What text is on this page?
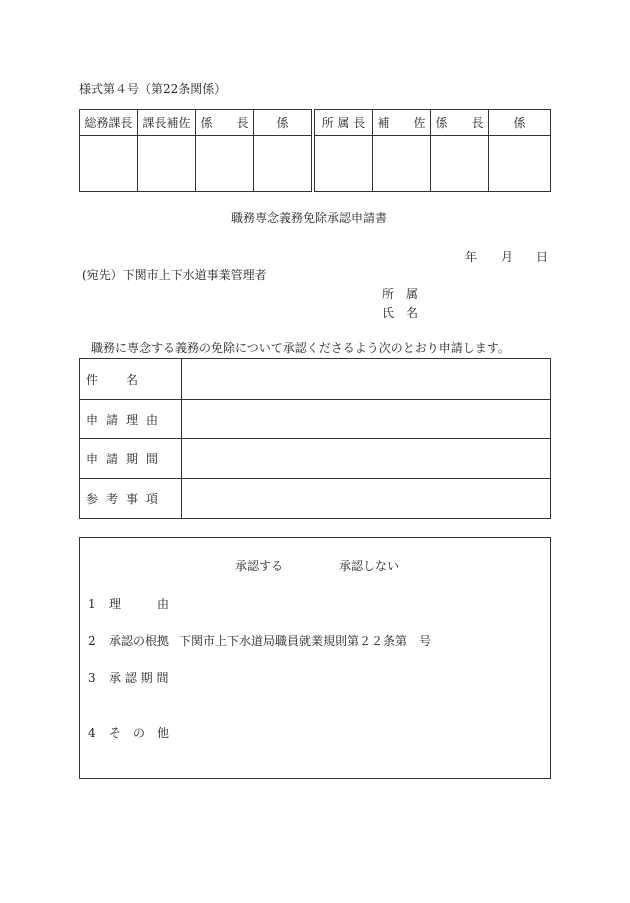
様式第４号（第22条関係）
総務課長	課長補佐	係　　長	係		所 属 長	補　　佐	係　　長	係

職務専念義務免除承認申請書
年 月 日
(宛先）下関市上下水道事業管理者
所　属
氏　名
職務に専念する義務の免除について承認くださるよう次のとおり申請します。
件 名	

申 請 理 由	

申 請 期 間	

参 考 事 項	

承認する	承認しない
1 理　　　由
2 承認の根拠 下関市上下水道局職員就業規則第２２条第　号
3 承 認 期 間
4 そ　の　他
